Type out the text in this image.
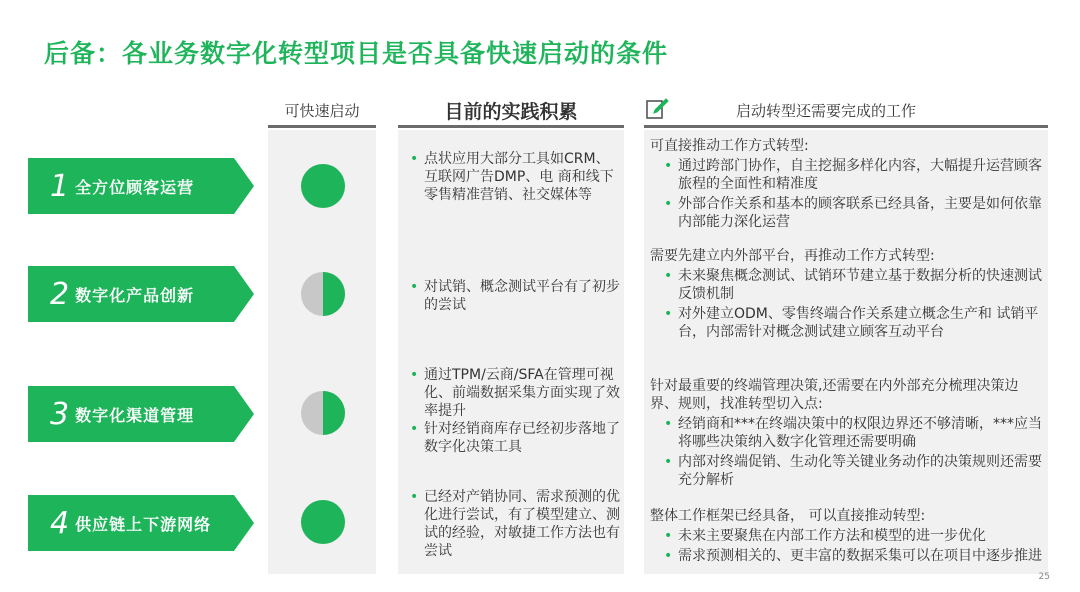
后备：各业务数字化转型项目是否具备快速启动的条件
可快速启动	目前的实践积累	启动转型还需要完成的工作
1 全方位顾客运营
• 点状应用大部分工具如CRM、互联网广告DMP、电 商和线下零售精准营销、社交媒体等
可直接推动工作方式转型:
• 通过跨部门协作，自主挖掘多样化内容，大幅提升运营顾客旅程的全面性和精准度
• 外部合作关系和基本的顾客联系已经具备，主要是如何依靠内部能力深化运营
2 数字化产品创新
•	对试销、概念测试平台有了初步的尝试
需要先建立内外部平台，再推动工作方式转型:
• 未来聚焦概念测试、试销环节建立基于数据分析的快速测试反馈机制
• 对外建立ODM、零售终端合作关系建立概念生产和 试销平台，内部需针对概念测试建立顾客互动平台
3 数字化渠道管理
• 通过TPM/云商/SFA在管理可视化、前端数据采集方面实现了效率提升
• 针对经销商库存已经初步落地了数字化决策工具
针对最重要的终端管理决策,还需要在内外部充分梳理决策边界、规则，找准转型切入点:
• 经销商和***在终端决策中的权限边界还不够清晰，***应当将哪些决策纳入数字化管理还需要明确
• 内部对终端促销、生动化等关键业务动作的决策规则还需要充分解析
4 供应链上下游网络
• 已经对产销协同、需求预测的优化进行尝试，有了模型建立、测试的经验，对敏捷工作方法也有尝试
整体工作框架已经具备， 可以直接推动转型:
• 未来主要聚焦在内部工作方法和模型的进一步优化
• 需求预测相关的、更丰富的数据采集可以在项目中逐步推进
25
